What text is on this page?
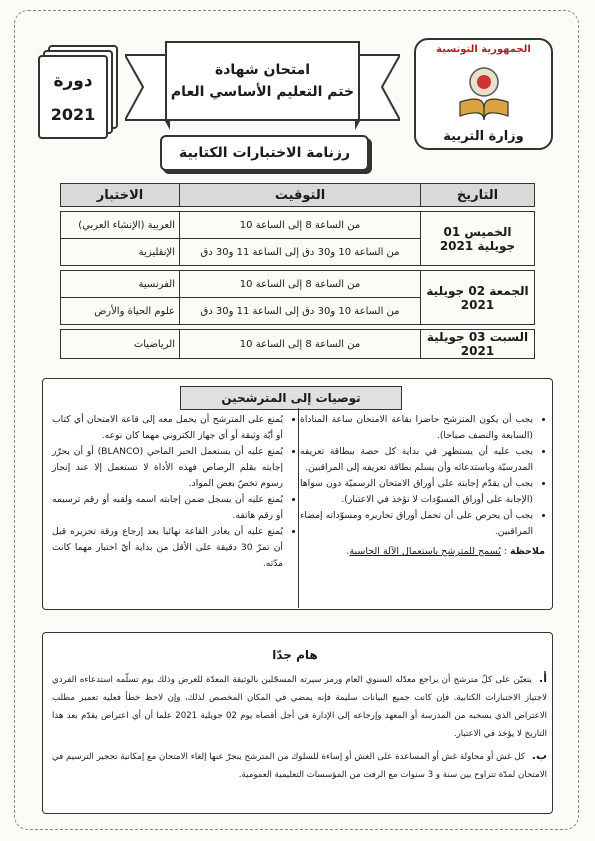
دورة
2021
امتحان شهادة
ختم التعليم الأساسي العام
رزنامة الاختبارات الكتابية
الجمهورية التونسية
وزارة التربية
التاريخ	التوقيت	الاختبار

الخميس 01 جويلية 2021	من الساعة 8 إلى الساعة 10	العربية (الإنشاء العربي)
	من الساعة 10 و30 دق إلى الساعة 11 و30 دق	الإنقليزية

الجمعة 02 جويلية 2021	من الساعة 8 إلى الساعة 10	الفرنسية
	من الساعة 10 و30 دق إلى الساعة 11 و30 دق	علوم الحياة والأرض

السبت 03 جويلية 2021	من الساعة 8 إلى الساعة 10	الرياضيات
توصيات إلى المترشحين
• يجب أن يكون المترشح حاضرا بقاعة الامتحان ساعة المناداة (السابعة والنصف صباحا).
• يجب عليه أن يستظهر في بداية كل حصة ببطاقة تعريفه المدرسيّة وباستدعائه وأن يسلم بطاقة تعريفه إلى المراقبين.
• يجب أن يقدّم إجابته على أوراق الامتحان الرسميّة دون سواها (الإجابة على أوراق المسوّدات لا تؤخذ في الاعتبار).
• يجب أن يحرص على أن تحمل أوراق تحاريره ومسوّداته إمضاء المراقبين.
ملاحظة : يُسمح للمترشح باستعمال الآلة الحاسبة.
• يُمنع على المترشح أن يحمل معه إلى قاعة الامتحان أي كتاب أو أيّة وثيقة أو أي جهاز الكتروني مهما كان نوعه.
• يُمنع عليه أن يستعمل الحبر الماحي (BLANCO) أو أن يحرّر إجابته بقلم الرصاص فهذه الأداة لا تستعمل إلا عند إنجاز رسوم تخصّ بعض المواد.
• يُمنع عليه أن يسجل ضمن إجابته اسمه ولقبه أو رقم ترسيمه أو رقم هاتفه.
• يُمنع عليه أن يغادر القاعة نهائيا بعد إرجاع ورقة تحريره قبل أن تمرّ 30 دقيقة على الأقل من بداية أيّ اختبار مهما كانت مدّته.
هام جدّا

أ. يتعيّن على كلّ مترشح أن يراجع معدّله السنوي العام ورمز سيرته المسجّلين بالوثيقة المعدّة للغرض وذلك يوم تسلّمه استدعاءه الفردي لاجتياز الاختبارات الكتابية. فإن كانت جميع البيانات سليمة فإنه يمضي في المكان المخصص لذلك، وإن لاحظ خطأ فعليه تعمير مطلب الاعتراض الذي يسحبه من المدرسة أو المعهد وإرجاعه إلى الإدارة في أجل أقصاه يوم 02 جويلية 2021 علما أن أي اعتراض يقدّم بعد هذا التاريخ لا يؤخذ في الاعتبار.

ب. كل غش أو محاولة غش أو المساعدة على الغش أو إساءة للسلوك من المترشح ينجرّ عنها إلغاء الامتحان مع إمكانية تحجير الترسيم في الامتحان لمدّة تتراوح بين سنة و 3 سنوات مع الرفت من المؤسسات التعليمية العمومية.
